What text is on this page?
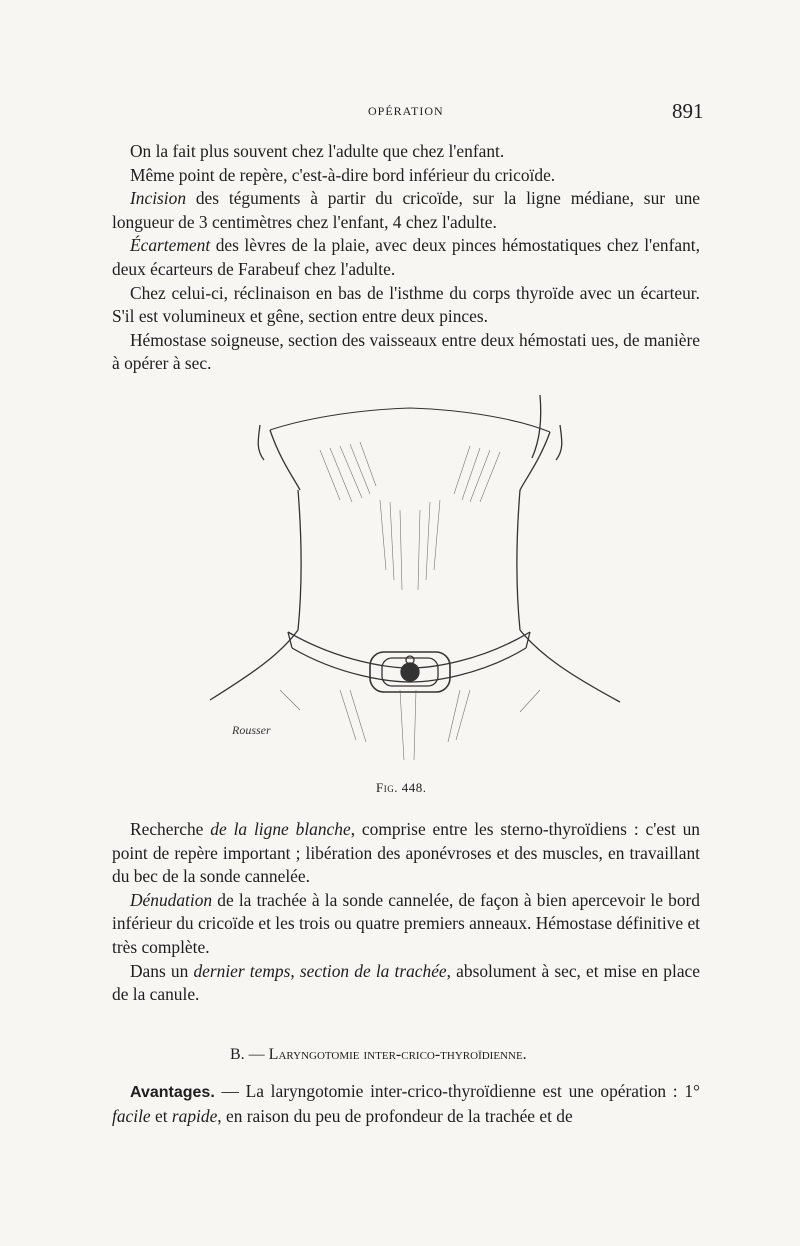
OPÉRATION	891

On la fait plus souvent chez l'adulte que chez l'enfant.

Même point de repère, c'est-à-dire bord inférieur du cricoïde.

Incision des téguments à partir du cricoïde, sur la ligne médiane, sur une longueur de 3 centimètres chez l'enfant, 4 chez l'adulte.

Écartement des lèvres de la plaie, avec deux pinces hémostatiques chez l'enfant, deux écarteurs de Farabeuf chez l'adulte.

Chez celui-ci, réclinaison en bas de l'isthme du corps thyroïde avec un écarteur. S'il est volumineux et gêne, section entre deux pinces.

Hémostase soigneuse, section des vaisseaux entre deux hémostati ues, de manière à opérer à sec.

Rousser
Fig. 448.

Recherche de la ligne blanche, comprise entre les sterno-thyroïdiens : c'est un point de repère important ; libération des aponévroses et des muscles, en travaillant du bec de la sonde cannelée.

Dénudation de la trachée à la sonde cannelée, de façon à bien apercevoir le bord inférieur du cricoïde et les trois ou quatre premiers anneaux. Hémostase définitive et très complète.

Dans un dernier temps, section de la trachée, absolument à sec, et mise en place de la canule.

B. — Laryngotomie inter-crico-thyroïdienne.

Avantages. — La laryngotomie inter-crico-thyroïdienne est une opération : 1° facile et rapide, en raison du peu de profondeur de la trachée et de
